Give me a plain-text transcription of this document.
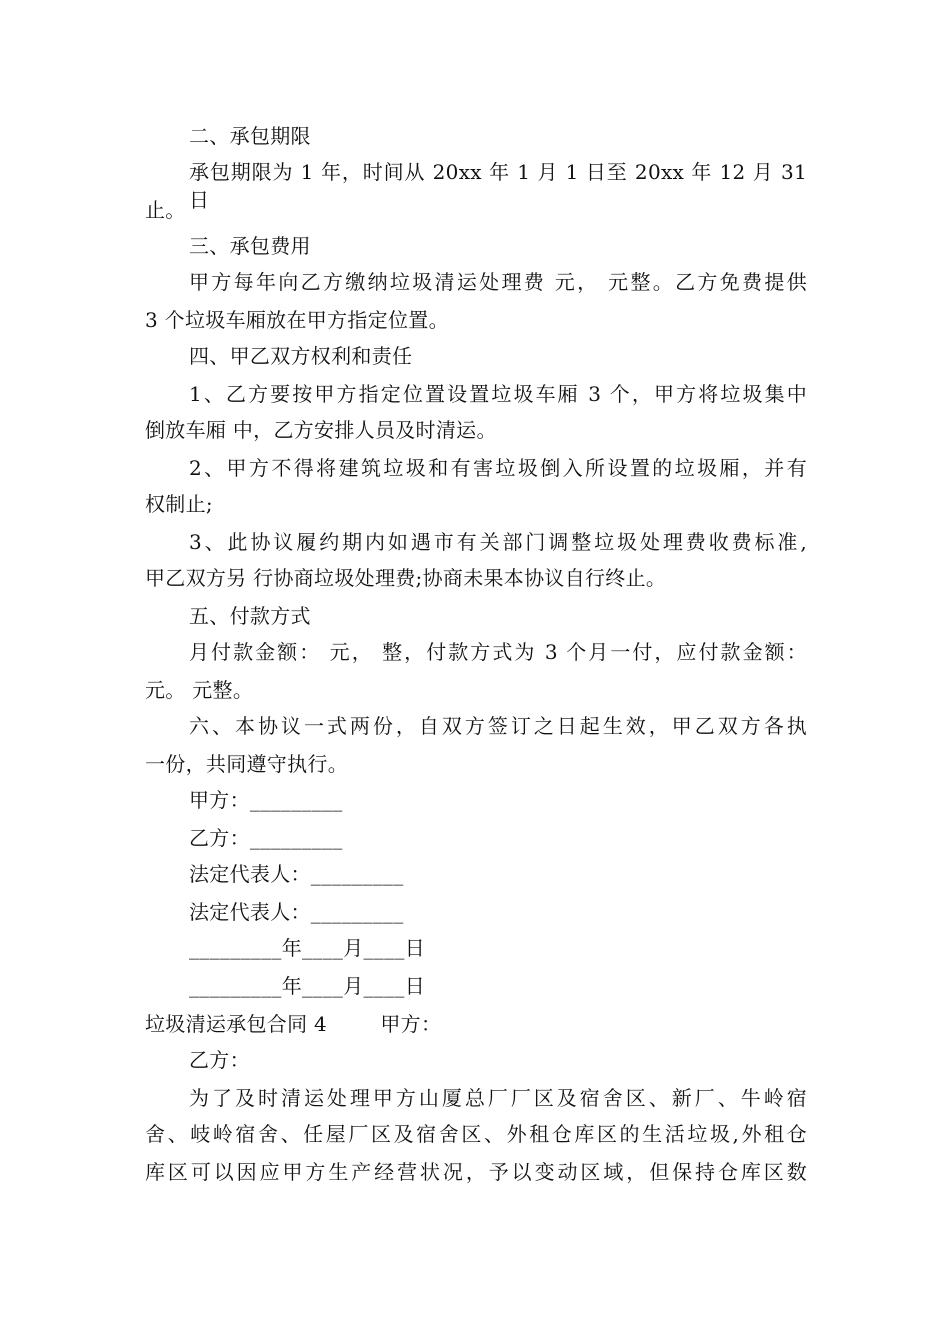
二、承包期限
承包期限为 1 年，时间从 20xx 年 1 月 1 日至 20xx 年 12 月 31 日
止。
三、承包费用
甲方每年向乙方缴纳垃圾清运处理费 元， 元整。乙方免费提供
3 个垃圾车厢放在甲方指定位置。
四、甲乙双方权利和责任
1、乙方要按甲方指定位置设置垃圾车厢 3 个，甲方将垃圾集中
倒放车厢 中，乙方安排人员及时清运。
2、甲方不得将建筑垃圾和有害垃圾倒入所设置的垃圾厢，并有
权制止;
3、此协议履约期内如遇市有关部门调整垃圾处理费收费标准,
甲乙双方另 行协商垃圾处理费;协商未果本协议自行终止。
五、付款方式
月付款金额： 元， 整，付款方式为 3 个月一付，应付款金额：
元。 元整。
六、本协议一式两份，自双方签订之日起生效，甲乙双方各执
一份，共同遵守执行。
甲方：_________
乙方：_________
法定代表人：_________
法定代表人：_________
_________年____月____日
_________年____月____日
垃圾清运承包合同 4        甲方：
乙方：
为了及时清运处理甲方山厦总厂厂区及宿舍区、新厂、牛岭宿
舍、岐岭宿舍、任屋厂区及宿舍区、外租仓库区的生活垃圾,外租仓
库区可以因应甲方生产经营状况，予以变动区域，但保持仓库区数
